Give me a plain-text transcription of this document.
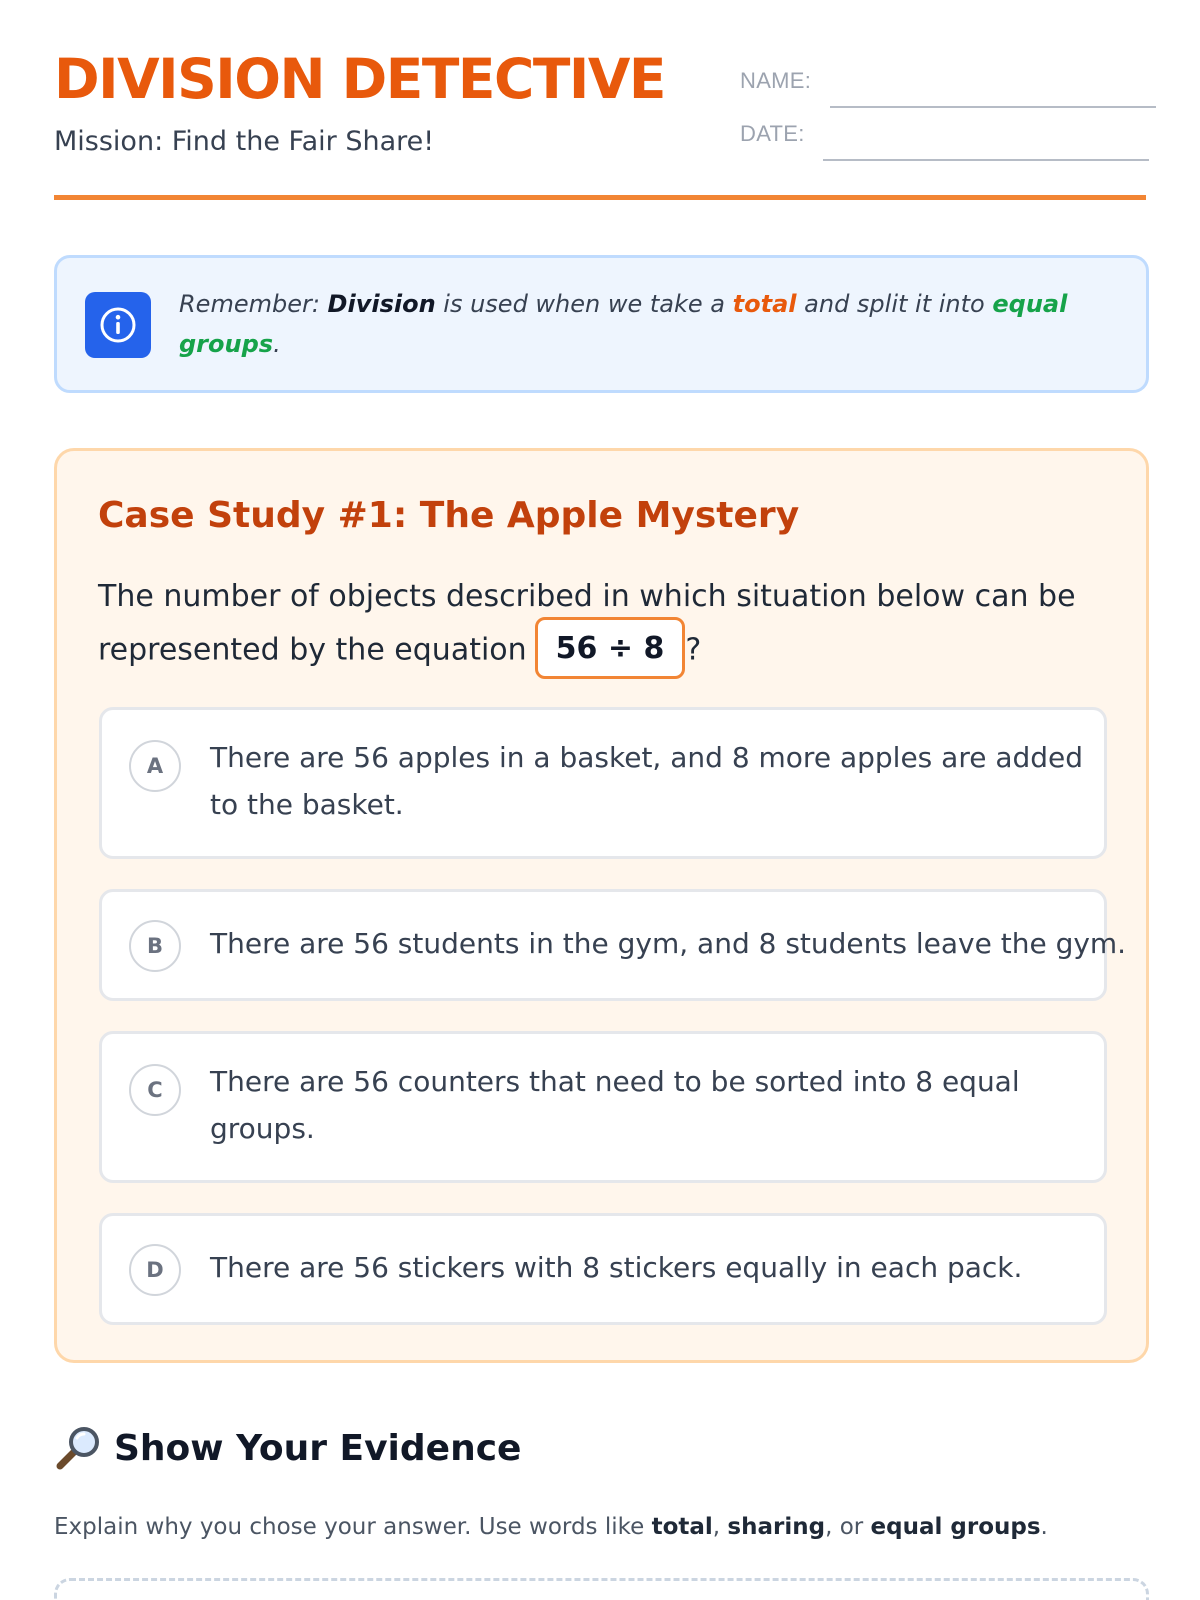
DIVISION DETECTIVE
Mission: Find the Fair Share!
NAME:
DATE:
Remember: Division is used when we take a total and split it into equal groups.
Case Study #1: The Apple Mystery
The number of objects described in which situation below can be represented by the equation 56 ÷ 8 ?
A	There are 56 apples in a basket, and 8 more apples are added to the basket.
B	There are 56 students in the gym, and 8 students leave the gym.
C	There are 56 counters that need to be sorted into 8 equal groups.
D	There are 56 stickers with 8 stickers equally in each pack.
Show Your Evidence
Explain why you chose your answer. Use words like total, sharing, or equal groups.
